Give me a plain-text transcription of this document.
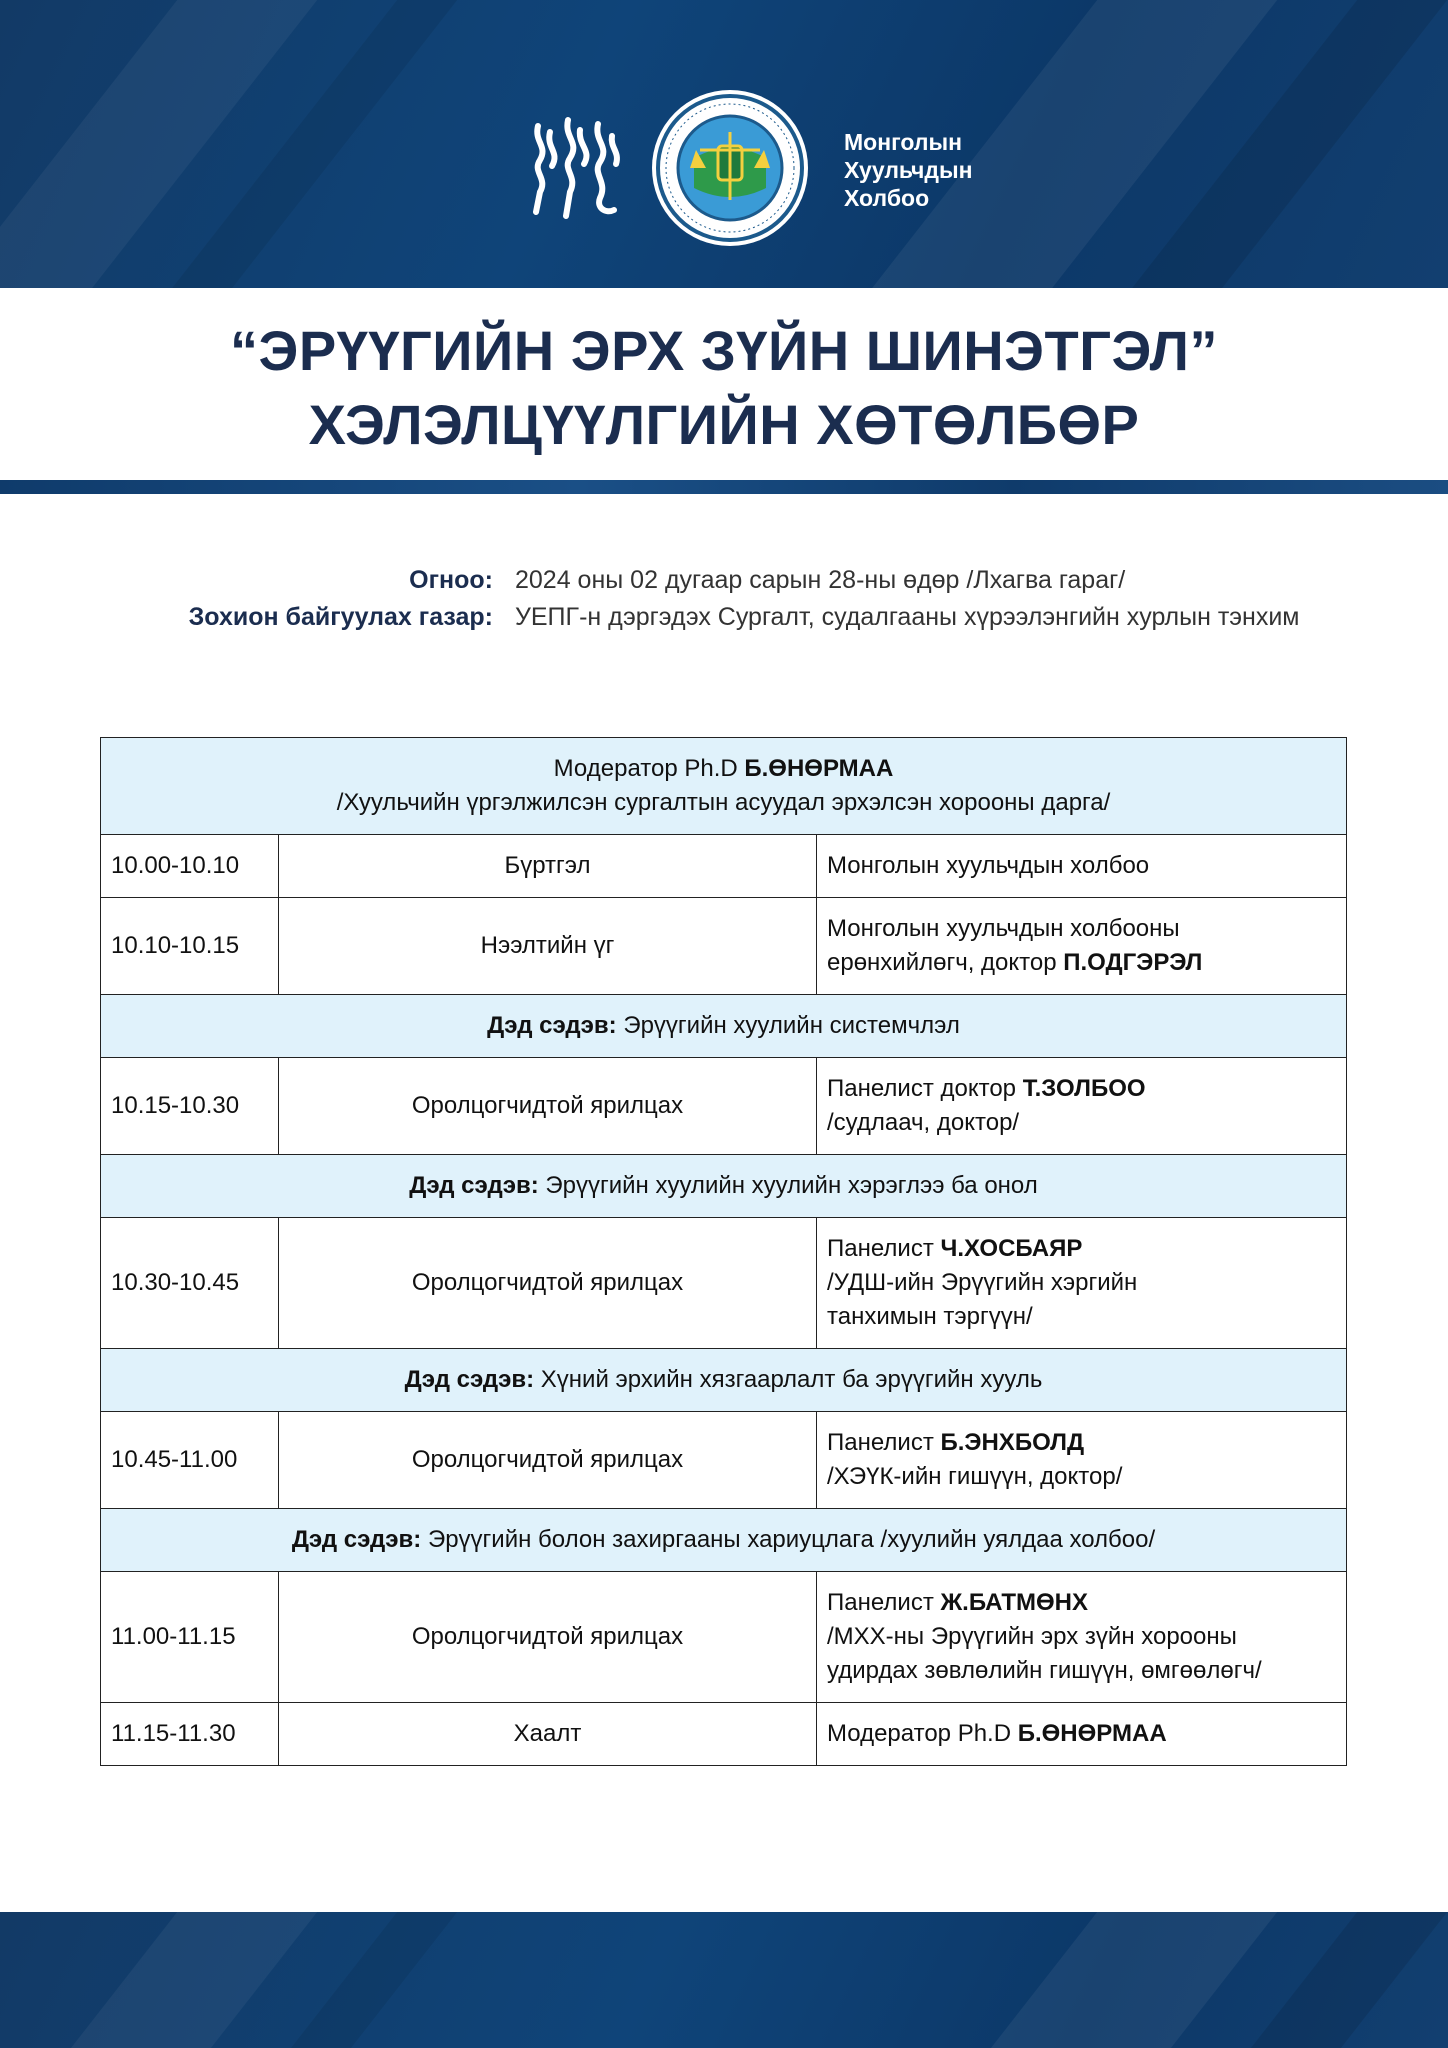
Монголын
Хуульчдын
Холбоо
“ЭРҮҮГИЙН ЭРХ ЗҮЙН ШИНЭТГЭЛ”
ХЭЛЭЛЦҮҮЛГИЙН ХӨТӨЛБӨР
Огноо: 2024 оны 02 дугаар сарын 28-ны өдөр /Лхагва гараг/
Зохион байгуулах газар: УЕПГ-н дэргэдэх Сургалт, судалгааны хүрээлэнгийн хурлын тэнхим
Модератор Ph.D Б.ӨНӨРМАА
/Хуульчийн үргэлжилсэн сургалтын асуудал эрхэлсэн хорооны дарга/		

10.00-10.10	Бүртгэл	Монголын хуульчдын холбоо
10.10-10.15	Нээлтийн үг	Монголын хуульчдын холбооны
ерөнхийлөгч, доктор П.ОДГЭРЭЛ

Дэд сэдэв: Эрүүгийн хуулийн системчлэл		
10.15-10.30	Оролцогчидтой ярилцах	Панелист доктор Т.ЗОЛБОО
/судлаач, доктор/

Дэд сэдэв: Эрүүгийн хуулийн хуулийн хэрэглээ ба онол		
10.30-10.45	Оролцогчидтой ярилцах	Панелист Ч.ХОСБАЯР
/УДШ-ийн Эрүүгийн хэргийн
танхимын тэргүүн/

Дэд сэдэв: Хүний эрхийн хязгаарлалт ба эрүүгийн хууль		
10.45-11.00	Оролцогчидтой ярилцах	Панелист Б.ЭНХБОЛД
/ХЭҮК-ийн гишүүн, доктор/

Дэд сэдэв: Эрүүгийн болон захиргааны хариуцлага /хуулийн уялдаа холбоо/		
11.00-11.15	Оролцогчидтой ярилцах	Панелист Ж.БАТМӨНХ
/МХХ-ны Эрүүгийн эрх зүйн хорооны
удирдах зөвлөлийн гишүүн, өмгөөлөгч/

11.15-11.30	Хаалт	Модератор Ph.D Б.ӨНӨРМАА
